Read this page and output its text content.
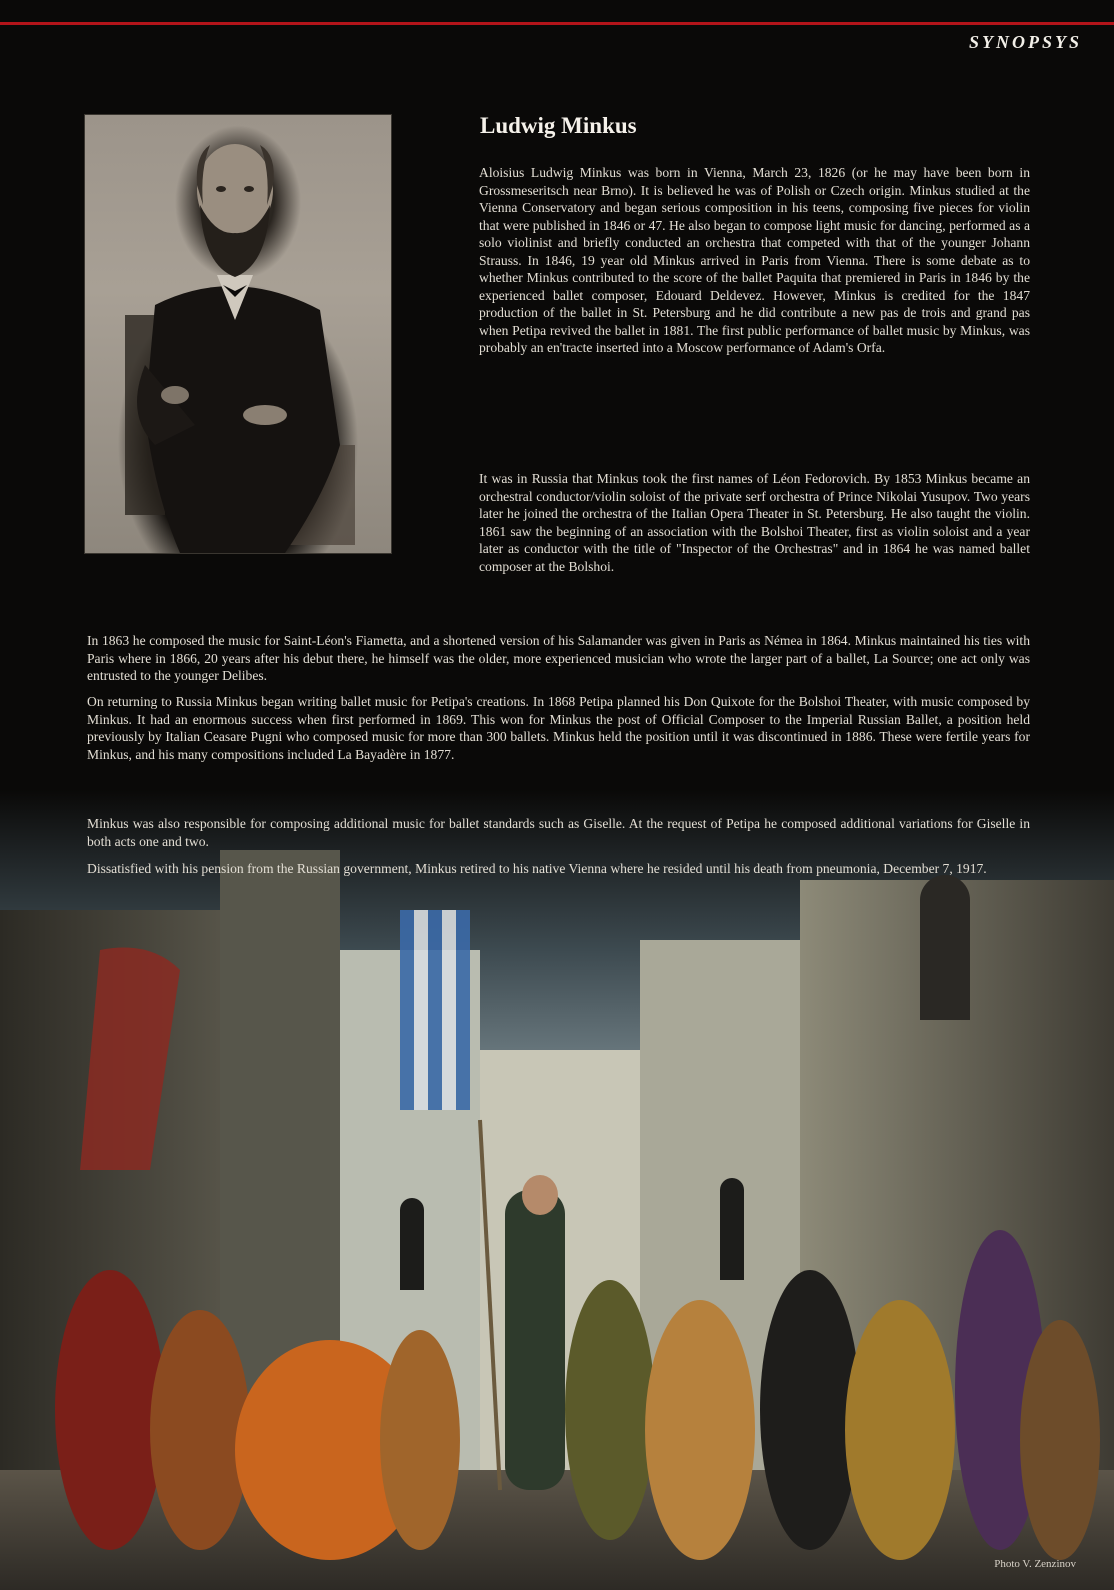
SYNOPSYS
Ludwig Minkus

Aloisius Ludwig Minkus was born in Vienna, March 23, 1826 (or he may have been born in Grossmeseritsch near Brno). It is believed he was of Polish or Czech origin. Minkus studied at the Vienna Conservatory and began serious composition in his teens, composing five pieces for violin that were published in 1846 or 47. He also began to compose light music for dancing, performed as a solo violinist and briefly conducted an orchestra that competed with that of the younger Johann Strauss. In 1846, 19 year old Minkus arrived in Paris from Vienna. There is some debate as to whether Minkus contributed to the score of the ballet Paquita that premiered in Paris in 1846 by the experienced ballet composer, Edouard Deldevez. However, Minkus is credited for the 1847 production of the ballet in St. Petersburg and he did contribute a new pas de trois and grand pas when Petipa revived the ballet in 1881. The first public performance of ballet music by Minkus, was probably an en'tracte inserted into a Moscow performance of Adam's Orfa.

It was in Russia that Minkus took the first names of Léon Fedorovich. By 1853 Minkus became an orchestral conductor/violin soloist of the private serf orchestra of Prince Nikolai Yusupov. Two years later he joined the orchestra of the Italian Opera Theater in St. Petersburg. He also taught the violin. 1861 saw the beginning of an association with the Bolshoi Theater, first as violin soloist and a year later as conductor with the title of "Inspector of the Orchestras" and in 1864 he was named ballet composer at the Bolshoi.

In 1863 he composed the music for Saint-Léon's Fiametta, and a shortened version of his Salamander was given in Paris as Némea in 1864. Minkus maintained his ties with Paris where in 1866, 20 years after his debut there, he himself was the older, more experienced musician who wrote the larger part of a ballet, La Source; one act only was entrusted to the younger Delibes.

On returning to Russia Minkus began writing ballet music for Petipa's creations. In 1868 Petipa planned his Don Quixote for the Bolshoi Theater, with music composed by Minkus. It had an enormous success when first performed in 1869. This won for Minkus the post of Official Composer to the Imperial Russian Ballet, a position held previously by Italian Ceasare Pugni who composed music for more than 300 ballets. Minkus held the position until it was discontinued in 1886. These were fertile years for Minkus, and his many compositions included La Bayadère in 1877.

Minkus was also responsible for composing additional music for ballet standards such as Giselle. At the request of Petipa he composed additional variations for Giselle in both acts one and two.

Dissatisfied with his pension from the Russian government, Minkus retired to his native Vienna where he resided until his death from pneumonia, December 7, 1917.

Photo V. Zenzinov
